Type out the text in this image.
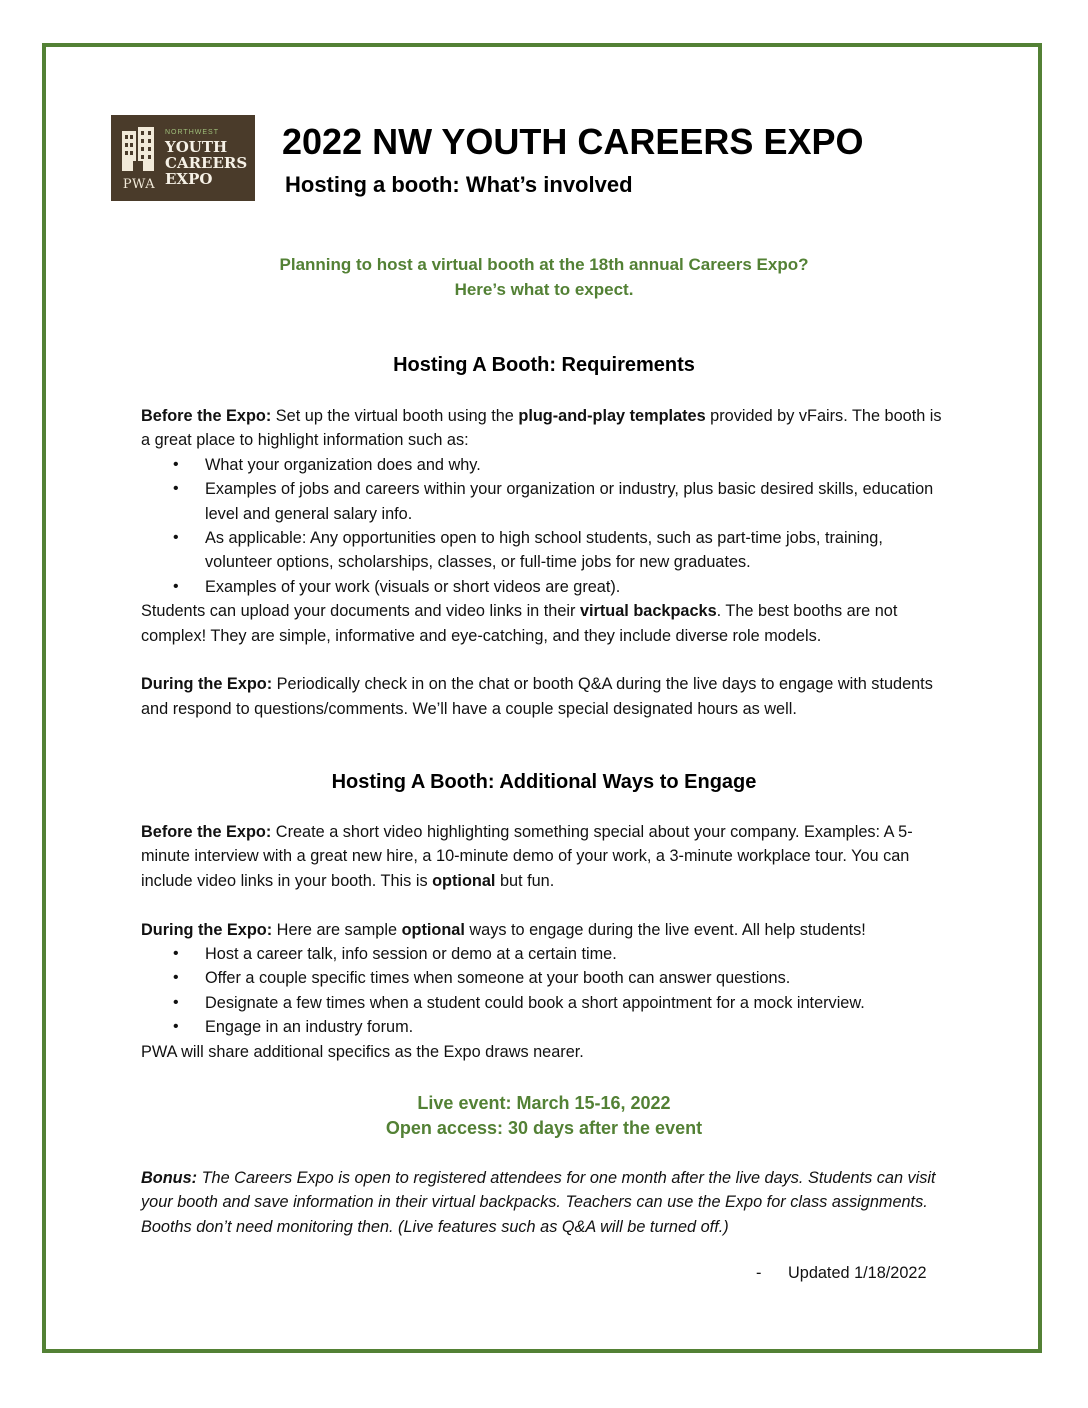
PWA
NORTHWEST
YOUTH
CAREERS
EXPO
2022 NW YOUTH CAREERS EXPO
Hosting a booth: What’s involved
Planning to host a virtual booth at the 18th annual Careers Expo?
Here’s what to expect.
Hosting A Booth: Requirements

Before the Expo: Set up the virtual booth using the plug-and-play templates provided by vFairs. The booth is a great place to highlight information such as:

• What your organization does and why.
• Examples of jobs and careers within your organization or industry, plus basic desired skills, education level and general salary info.
• As applicable: Any opportunities open to high school students, such as part-time jobs, training, volunteer options, scholarships, classes, or full-time jobs for new graduates.
• Examples of your work (visuals or short videos are great).

Students can upload your documents and video links in their virtual backpacks. The best booths are not complex! They are simple, informative and eye-catching, and they include diverse role models.

During the Expo: Periodically check in on the chat or booth Q&A during the live days to engage with students and respond to questions/comments. We’ll have a couple special designated hours as well.

Hosting A Booth: Additional Ways to Engage

Before the Expo: Create a short video highlighting something special about your company. Examples: A 5-minute interview with a great new hire, a 10-minute demo of your work, a 3-minute workplace tour. You can include video links in your booth. This is optional but fun.

During the Expo: Here are sample optional ways to engage during the live event. All help students!

• Host a career talk, info session or demo at a certain time.
• Offer a couple specific times when someone at your booth can answer questions.
• Designate a few times when a student could book a short appointment for a mock interview.
• Engage in an industry forum.

PWA will share additional specifics as the Expo draws nearer.

Live event: March 15-16, 2022
Open access: 30 days after the event
Bonus: The Careers Expo is open to registered attendees for one month after the live days. Students can visit your booth and save information in their virtual backpacks. Teachers can use the Expo for class assignments. Booths don’t need monitoring then. (Live features such as Q&A will be turned off.)
- Updated 1/18/2022
